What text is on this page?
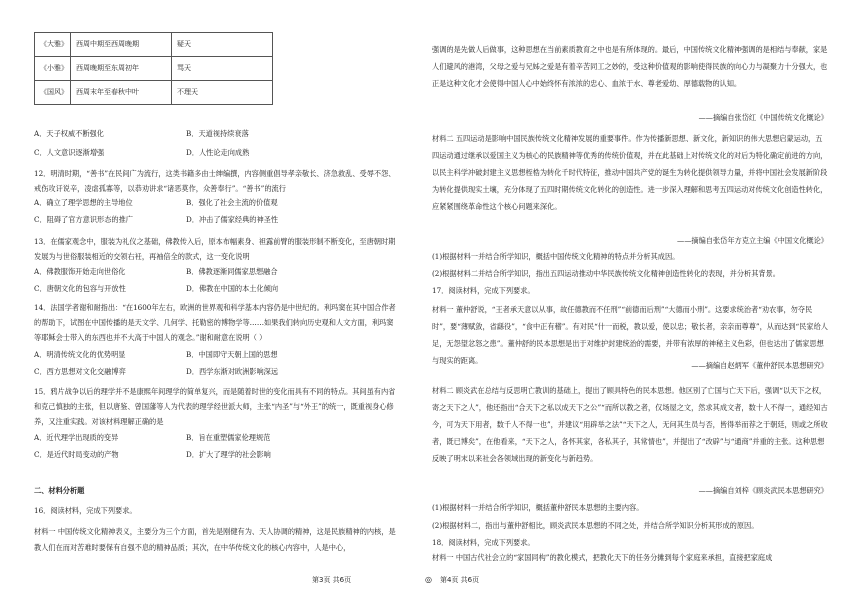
《大雅》	西周中期至西周晚期	疑天
《小雅》	西周晚期至东周初年	骂天
《国风》	西周末年至春秋中叶	不理天
A．天子权威不断强化	B．天道视持续衰落
C．人文意识逐渐增强	D．人性论走向成熟
12．明清时期，“善书”在民间广为流行，这类书籍多由士绅编撰，内容侧重倡导孝亲敬长、济急救乱、受辱不怨、戒伤攻讦说辛，凌虐孤寡等，以恭劝讲求“诸恶莫作，众善奉行”。“善书”的流行
A．确立了理学思想的主导地位	B．强化了社会主流的价值观
C．阻碍了官方意识形态的推广	D．冲击了儒家经典的神圣性
13．在儒家观念中，服装为礼仪之基础，佛教传入后，原本布幅素身、袒露前臂的服装形制不断变化，至唐朝时期发展为与世俗服装相近的交领右衽，再袖倍全的款式，这一变化说明
A．佛教服饰开始走向世俗化	B．佛教逐渐同儒家思想融合
C．唐朝文化的包容与开放性	D．佛教在中国的本土化倾向
14．法国学者谢和耐指出：“在1600年左右，欧洲的世界观和科学基本内容仍是中世纪的。利玛窦在其中国合作者的帮助下，试图在中国传播的是天文学、几何学、托勒密的博物学等……如果我们转向历史观和人文方面，利玛窦等耶稣会士带入的东西也并不大高于中国人的观念。”谢和耐意在说明（ ）
A．明清传统文化的优势明显	B．中国即守天朝上国的思想
C．西方思想对文化交融博弈	D．西学东渐对欧洲影响深远
15．鸦片战争以后的理学并不是康熙年间理学的简单复兴，而是随着时世的变化而具有不同的特点。其间虽有内省和克己慎独的主张，但以唐鉴、曾国藩等人为代表的理学经世派大师，主张“内圣”与“外王”的统一，既重视身心修养，又注重实践。对该材料理解正确的是
A．近代理学出现质的变异	B．旨在重塑儒家伦理规范
C．是近代时局变动的产物	D．扩大了理学的社会影响
二、材料分析题
16．阅读材料，完成下列要求。
材料一 中国传统文化精神表义，主要分为三个方面，首先是刚健有为、天人协调的精神，这是民族精神的内核，是教人们在而对苦难时要保有自强不息的精神品质；其次，在中华传统文化的核心内容中，人是中心，
第3页 共6页	◎
强调的是先做人后做事，这种思想在当前素质教育之中也是有所体现的。最后，中国传统文化精神强调的是相结与奉献，家是人们避风的港湾，父母之爱与兄姊之爱是有着辛苦同工之妙的，受这种价值观的影响使得民族的向心力与凝聚力十分强大，也正是这种文化才会使得中国人心中始终怀有浓浓的忠心、血浓于水、尊老爱幼、厚德载物的认知。
——摘编自张岱红《中国传统文化概论》
材料二 五四运动是影响中国民族传统文化精神发展的重要事件。作为传播新思想、新文化，新知识的伟大思想启蒙运动，五四运动通过继承以爱国主义为核心的民族精神等优秀的传统价值观，并在此基础上对传统文化的对后为特化确定前进的方向，以民主科学冲破封建主义思想桎梏为转化千时代特征，推动中国共产党的诞生为转化提供领导力量，并将中国社会发展新阶段为转化提供现实土壤，充分体现了五四时期传统文化转化的创造性。进一步深入理解和思考五四运动对传统文化创造性转化，应紧紧围绕革命性这个核心问题来深化。
——摘编自张岱年方克立主编《中国文化概论》
(1)根据材料一并结合所学知识，概括中国传统文化精神的特点并分析其成因。
(2)根据材料二并结合所学知识，指出五四运动推动中华民族传统文化精神创造性转化的表现，并分析其背景。
17．阅读材料，完成下列要求。
材料一 董仲舒说，“王者承天意以从事，故任德教而不任刑”“前德而后刑”“大德而小刑”。这要求统治者“劝农事，勿夺民时”，要“薄赋敛，省繇役”，“食中正有稽”。有对民“什一而税，教以爱，使以忠；敬长者，亲亲而尊尊”，从而达到“民家给人足，无怨望忿怒之患”。董仲舒的民本思想是出于对维护封建统治的需要，并带有浓厚的神秘主义色彩，但也达出了儒家思想与现实的距离。
——摘编自赵炳军《董仲舒民本思想研究》
材料二 顾炎武在总结与反思明亡教训的基础上，提出了顾具特色的民本思想。他区别了亡国与亡天下后，强调“以天下之权，寄之天下之人”，他还指出“合天下之私以成天下之公”“而所以教之者，仅场屋之文，然求其成文者，数十人不得一，通经知古今，可为天下用者，数千人不得一也”，并建议“用辟举之法”“天下之人，无问其生员与否，皆得举而荐之于朝廷，则或之所收者，既已博矣”，在他看来，“天下之人，各怀其家，各私其子，其常情也”，并提出了“改辟”与“通商”并重的主张。这种思想反映了明末以来社会各领域出现的新变化与新趋势。
——摘编自刘梓《顾炎武民本思想研究》
(1)根据材料一并结合所学知识，概括董仲舒民本思想的主要内容。
(2)根据材料二，指出与董仲舒相比，顾炎武民本思想的不同之处，并结合所学知识分析其形成的原因。
18．阅读材料，完成下列要求。
材料一 中国古代社会立的“家国同构”的教化模式，把教化天下的任务分摊到每个家庭来承担，直接把家庭成
第4页 共6页
